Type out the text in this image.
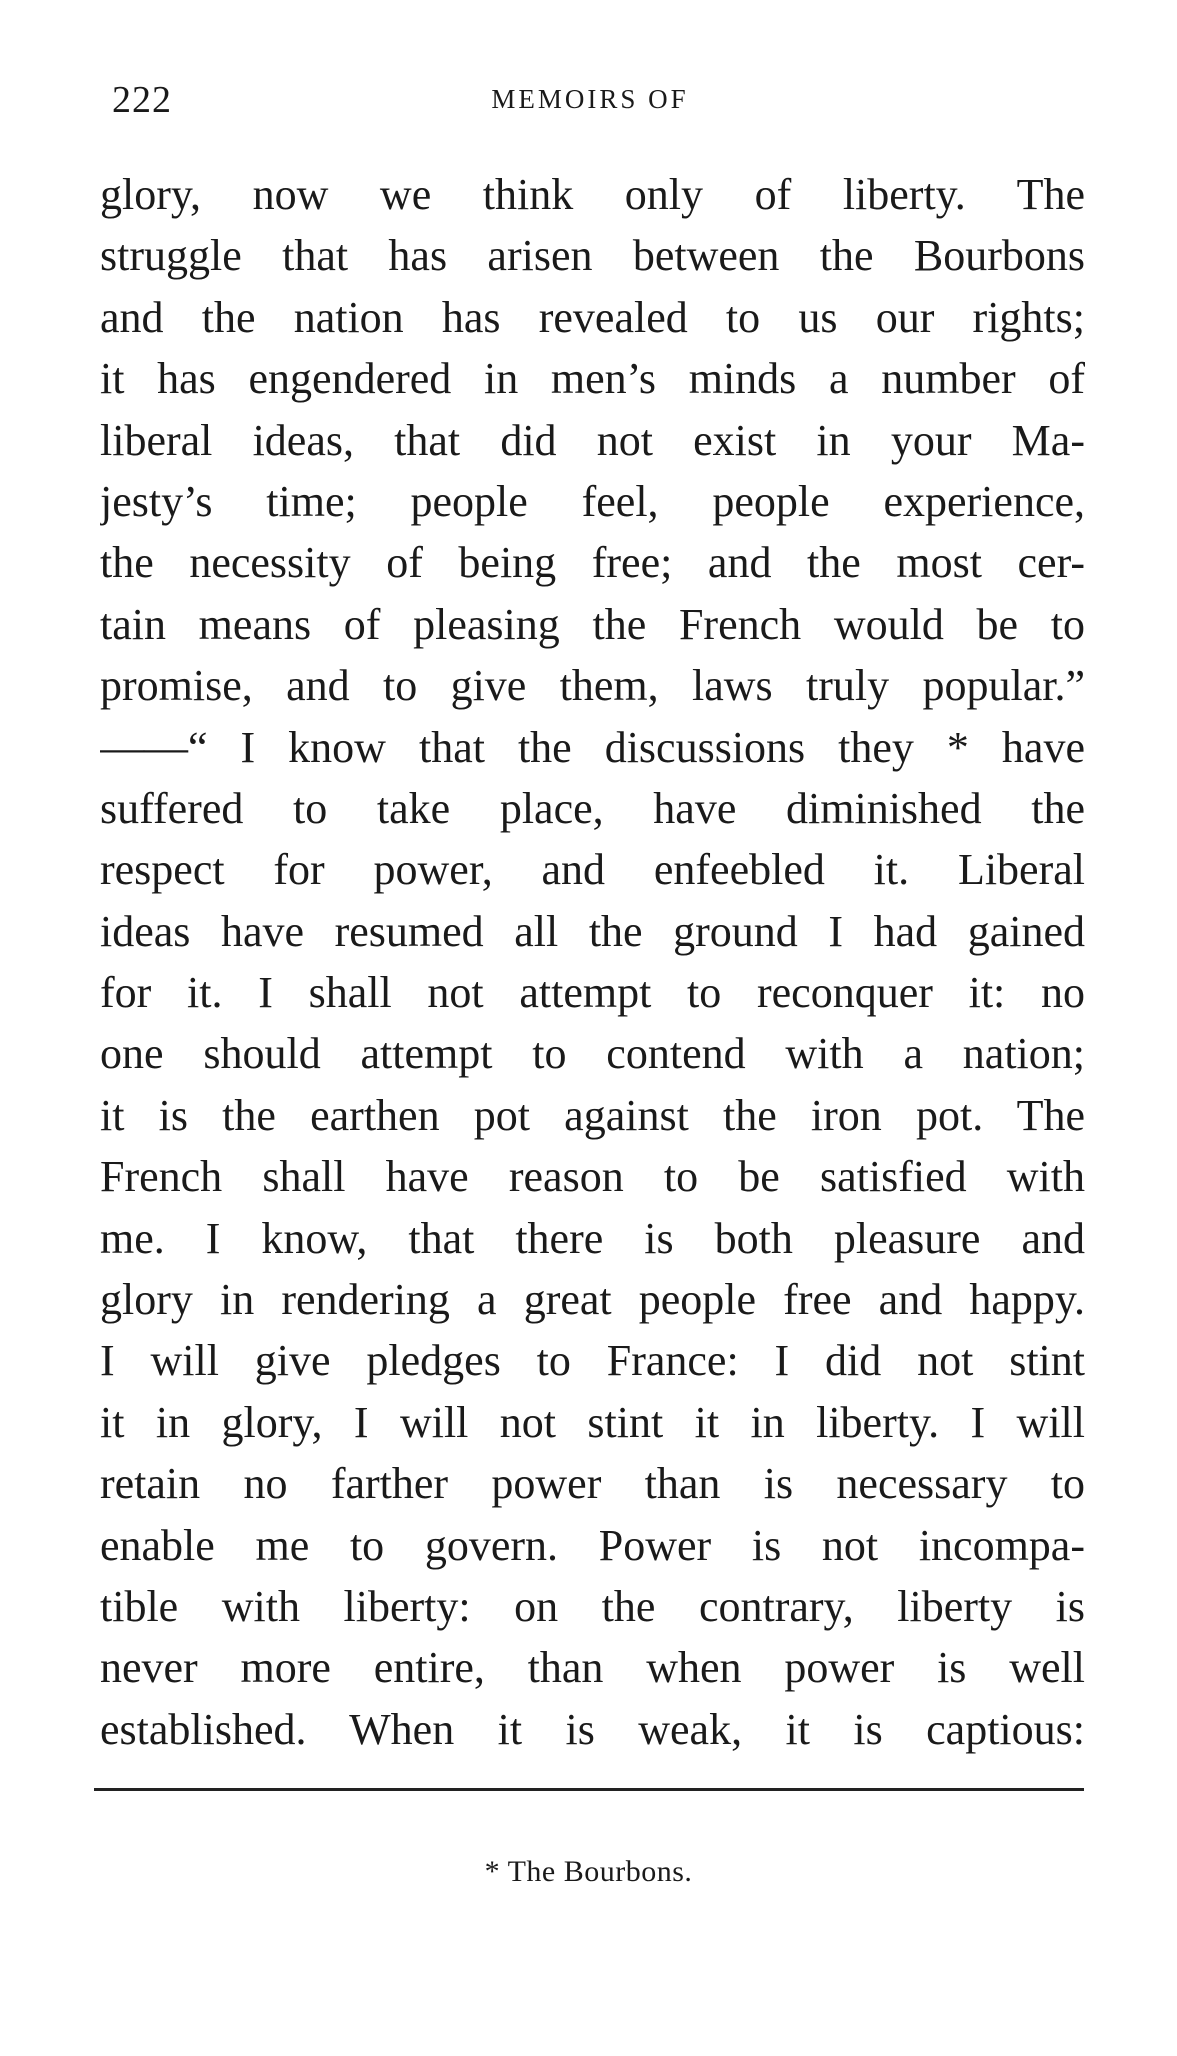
222	MEMOIRS OF
glory, now we think only of liberty. The
struggle that has arisen between the Bourbons
and the nation has revealed to us our rights;
it has engendered in men’s minds a number of
liberal ideas, that did not exist in your Ma-
jesty’s time; people feel, people experience,
the necessity of being free; and the most cer-
tain means of pleasing the French would be to
promise, and to give them, laws truly popular.”
——“ I know that the discussions they * have
suffered to take place, have diminished the
respect for power, and enfeebled it. Liberal
ideas have resumed all the ground I had gained
for it. I shall not attempt to reconquer it: no
one should attempt to contend with a nation;
it is the earthen pot against the iron pot. The
French shall have reason to be satisfied with
me. I know, that there is both pleasure and
glory in rendering a great people free and happy.
I will give pledges to France: I did not stint
it in glory, I will not stint it in liberty. I will
retain no farther power than is necessary to
enable me to govern. Power is not incompa-
tible with liberty: on the contrary, liberty is
never more entire, than when power is well
established. When it is weak, it is captious:
* The Bourbons.
